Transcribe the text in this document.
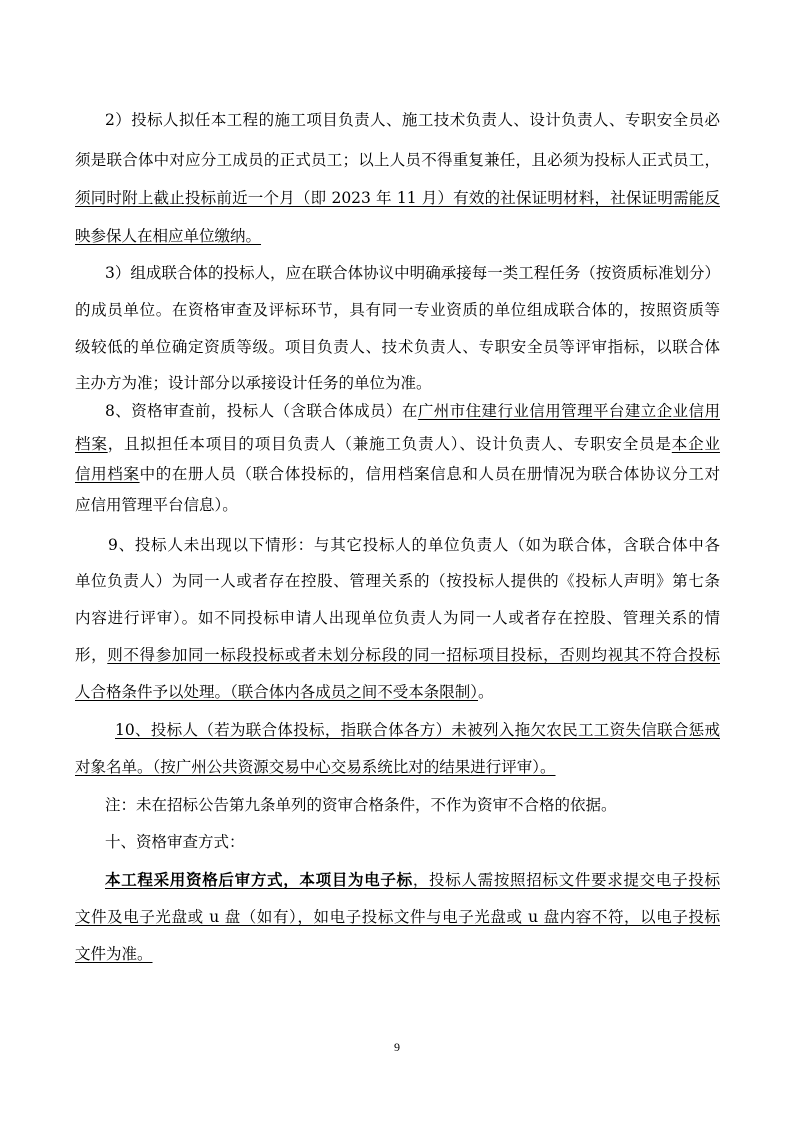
2）投标人拟任本工程的施工项目负责人、施工技术负责人、设计负责人、专职安全员必
须是联合体中对应分工成员的正式员工；以上人员不得重复兼任，且必须为投标人正式员工，
须同时附上截止投标前近一个月（即 2023 年 11 月）有效的社保证明材料，社保证明需能反
映参保人在相应单位缴纳。
3）组成联合体的投标人，应在联合体协议中明确承接每一类工程任务（按资质标准划分）
的成员单位。在资格审查及评标环节，具有同一专业资质的单位组成联合体的，按照资质等
级较低的单位确定资质等级。项目负责人、技术负责人、专职安全员等评审指标，以联合体
主办方为准；设计部分以承接设计任务的单位为准。
8、资格审查前，投标人（含联合体成员）在广州市住建行业信用管理平台建立企业信用
档案，且拟担任本项目的项目负责人（兼施工负责人）、设计负责人、专职安全员是本企业
信用档案中的在册人员（联合体投标的，信用档案信息和人员在册情况为联合体协议分工对
应信用管理平台信息）。
9、投标人未出现以下情形：与其它投标人的单位负责人（如为联合体，含联合体中各
单位负责人）为同一人或者存在控股、管理关系的（按投标人提供的《投标人声明》第七条
内容进行评审）。如不同投标申请人出现单位负责人为同一人或者存在控股、管理关系的情
形，则不得参加同一标段投标或者未划分标段的同一招标项目投标，否则均视其不符合投标
人合格条件予以处理。（联合体内各成员之间不受本条限制）。
10、投标人（若为联合体投标，指联合体各方）未被列入拖欠农民工工资失信联合惩戒
对象名单。（按广州公共资源交易中心交易系统比对的结果进行评审）。
注：未在招标公告第九条单列的资审合格条件，不作为资审不合格的依据。
十、资格审查方式：
本工程采用资格后审方式，本项目为电子标，投标人需按照招标文件要求提交电子投标
文件及电子光盘或 u 盘（如有），如电子投标文件与电子光盘或 u 盘内容不符，以电子投标
文件为准。
9
